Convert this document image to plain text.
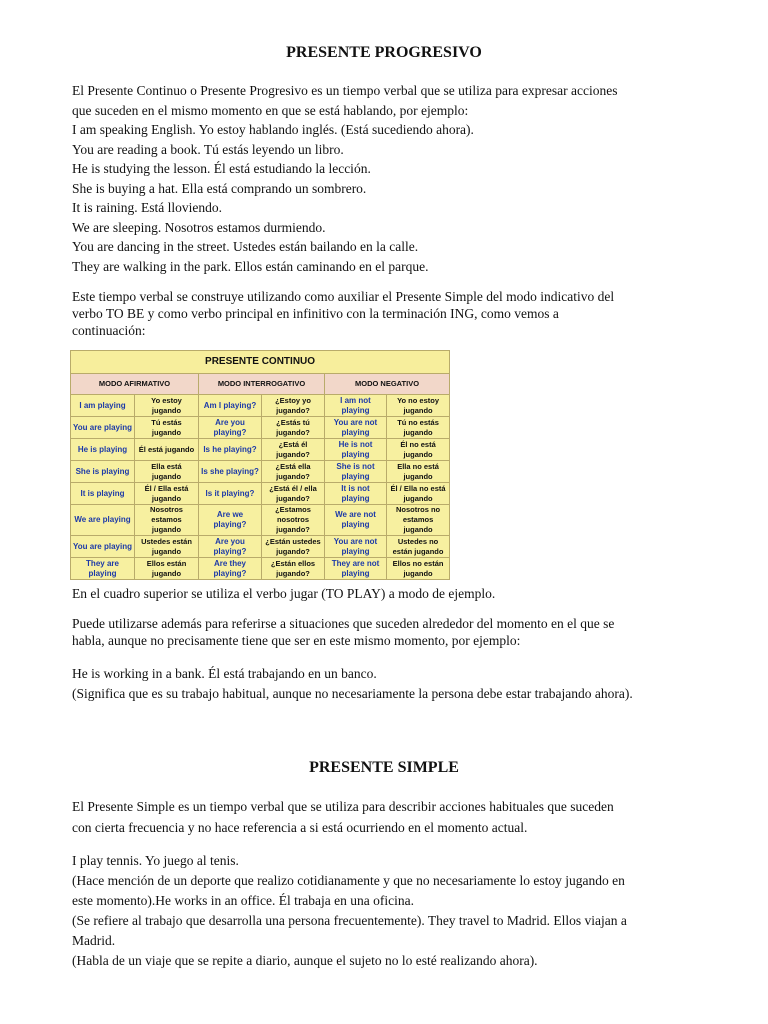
PRESENTE PROGRESIVO

El Presente Continuo o Presente Progresivo es un tiempo verbal que se utiliza para expresar acciones
que suceden en el mismo momento en que se está hablando, por ejemplo:

I am speaking English. Yo estoy hablando inglés. (Está sucediendo ahora).
You are reading a book. Tú estás leyendo un libro.
He is studying the lesson. Él está estudiando la lección.
She is buying a hat. Ella está comprando un sombrero.
It is raining. Está lloviendo.
We are sleeping. Nosotros estamos durmiendo.
You are dancing in the street. Ustedes están bailando en la calle.
They are walking in the park. Ellos están caminando en el parque.

Este tiempo verbal se construye utilizando como auxiliar el Presente Simple del modo indicativo del
verbo TO BE y como verbo principal en infinitivo con la terminación ING, como vemos a
continuación:

PRESENTE CONTINUO					
MODO AFIRMATIVO		MODO INTERROGATIVO		MODO NEGATIVO	
I am playing	Yo estoy jugando	Am I playing?	¿Estoy yo jugando?	I am not playing	Yo no estoy jugando
You are playing	Tú estás jugando	Are you playing?	¿Estás tú jugando?	You are not playing	Tú no estás jugando
He is playing	Él está jugando	Is he playing?	¿Está él jugando?	He is not playing	Él no está jugando
She is playing	Ella está jugando	Is she playing?	¿Está ella jugando?	She is not playing	Ella no está jugando
It is playing	Él / Ella está jugando	Is it playing?	¿Está él / ella jugando?	It is not playing	Él / Ella no está jugando
We are playing	Nosotros estamos jugando	Are we playing?	¿Estamos nosotros jugando?	We are not playing	Nosotros no estamos jugando
You are playing	Ustedes están jugando	Are you playing?	¿Están ustedes jugando?	You are not playing	Ustedes no están jugando
They are playing	Ellos están jugando	Are they playing?	¿Están ellos jugando?	They are not playing	Ellos no están jugando

En el cuadro superior se utiliza el verbo jugar (TO PLAY) a modo de ejemplo.

Puede utilizarse además para referirse a situaciones que suceden alrededor del momento en el que se
habla, aunque no precisamente tiene que ser en este mismo momento, por ejemplo:

He is working in a bank. Él está trabajando en un banco.
(Significa que es su trabajo habitual, aunque no necesariamente la persona debe estar trabajando ahora).

PRESENTE SIMPLE

El Presente Simple es un tiempo verbal que se utiliza para describir acciones habituales que suceden
con cierta frecuencia y no hace referencia a si está ocurriendo en el momento actual.

I play tennis. Yo juego al tenis.
(Hace mención de un deporte que realizo cotidianamente y que no necesariamente lo estoy jugando en
este momento).He works in an office. Él trabaja en una oficina.
(Se refiere al trabajo que desarrolla una persona frecuentemente). They travel to Madrid. Ellos viajan a
Madrid.
(Habla de un viaje que se repite a diario, aunque el sujeto no lo esté realizando ahora).
